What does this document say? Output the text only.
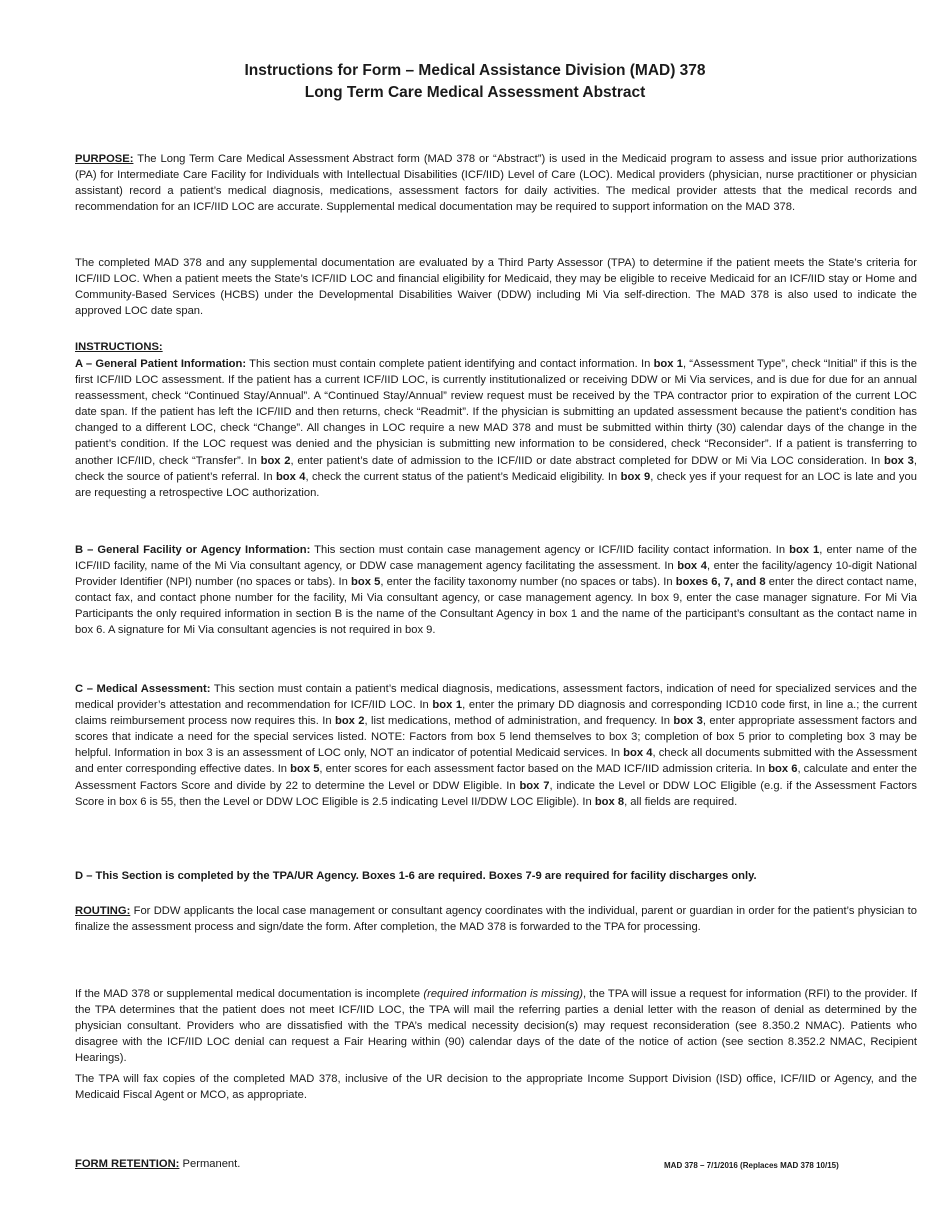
Instructions for Form – Medical Assistance Division (MAD) 378
Long Term Care Medical Assessment Abstract

PURPOSE: The Long Term Care Medical Assessment Abstract form (MAD 378 or “Abstract”) is used in the Medicaid program to assess and issue prior authorizations (PA) for Intermediate Care Facility for Individuals with Intellectual Disabilities (ICF/IID) Level of Care (LOC). Medical providers (physician, nurse practitioner or physician assistant) record a patient’s medical diagnosis, medications, assessment factors for daily activities. The medical provider attests that the medical records and recommendation for an ICF/IID LOC are accurate. Supplemental medical documentation may be required to support information on the MAD 378.

The completed MAD 378 and any supplemental documentation are evaluated by a Third Party Assessor (TPA) to determine if the patient meets the State’s criteria for ICF/IID LOC. When a patient meets the State’s ICF/IID LOC and financial eligibility for Medicaid, they may be eligible to receive Medicaid for an ICF/IID stay or Home and Community-Based Services (HCBS) under the Developmental Disabilities Waiver (DDW) including Mi Via self-direction. The MAD 378 is also used to indicate the approved LOC date span.

INSTRUCTIONS:

A – General Patient Information: This section must contain complete patient identifying and contact information. In box 1, “Assessment Type”, check “Initial” if this is the first ICF/IID LOC assessment. If the patient has a current ICF/IID LOC, is currently institutionalized or receiving DDW or Mi Via services, and is due for due for an annual reassessment, check “Continued Stay/Annual”. A “Continued Stay/Annual” review request must be received by the TPA contractor prior to expiration of the current LOC date span. If the patient has left the ICF/IID and then returns, check “Readmit”. If the physician is submitting an updated assessment because the patient’s condition has changed to a different LOC, check “Change”. All changes in LOC require a new MAD 378 and must be submitted within thirty (30) calendar days of the change in the patient’s condition. If the LOC request was denied and the physician is submitting new information to be considered, check “Reconsider”. If a patient is transferring to another ICF/IID, check “Transfer”. In box 2, enter patient’s date of admission to the ICF/IID or date abstract completed for DDW or Mi Via LOC consideration. In box 3, check the source of patient’s referral. In box 4, check the current status of the patient’s Medicaid eligibility. In box 9, check yes if your request for an LOC is late and you are requesting a retrospective LOC authorization.

B – General Facility or Agency Information: This section must contain case management agency or ICF/IID facility contact information. In box 1, enter name of the ICF/IID facility, name of the Mi Via consultant agency, or DDW case management agency facilitating the assessment. In box 4, enter the facility/agency 10-digit National Provider Identifier (NPI) number (no spaces or tabs). In box 5, enter the facility taxonomy number (no spaces or tabs). In boxes 6, 7, and 8 enter the direct contact name, contact fax, and contact phone number for the facility, Mi Via consultant agency, or case management agency. In box 9, enter the case manager signature. For Mi Via Participants the only required information in section B is the name of the Consultant Agency in box 1 and the name of the participant’s consultant as the contact name in box 6. A signature for Mi Via consultant agencies is not required in box 9.

C – Medical Assessment: This section must contain a patient’s medical diagnosis, medications, assessment factors, indication of need for specialized services and the medical provider’s attestation and recommendation for ICF/IID LOC. In box 1, enter the primary DD diagnosis and corresponding ICD10 code first, in line a.; the current claims reimbursement process now requires this. In box 2, list medications, method of administration, and frequency. In box 3, enter appropriate assessment factors and scores that indicate a need for the special services listed. NOTE: Factors from box 5 lend themselves to box 3; completion of box 5 prior to completing box 3 may be helpful. Information in box 3 is an assessment of LOC only, NOT an indicator of potential Medicaid services. In box 4, check all documents submitted with the Assessment and enter corresponding effective dates. In box 5, enter scores for each assessment factor based on the MAD ICF/IID admission criteria. In box 6, calculate and enter the Assessment Factors Score and divide by 22 to determine the Level or DDW Eligible. In box 7, indicate the Level or DDW LOC Eligible (e.g. if the Assessment Factors Score in box 6 is 55, then the Level or DDW LOC Eligible is 2.5 indicating Level II/DDW LOC Eligible). In box 8, all fields are required.

D – This Section is completed by the TPA/UR Agency. Boxes 1-6 are required. Boxes 7-9 are required for facility discharges only.

ROUTING: For DDW applicants the local case management or consultant agency coordinates with the individual, parent or guardian in order for the patient’s physician to finalize the assessment process and sign/date the form. After completion, the MAD 378 is forwarded to the TPA for processing.

If the MAD 378 or supplemental medical documentation is incomplete (required information is missing), the TPA will issue a request for information (RFI) to the provider. If the TPA determines that the patient does not meet ICF/IID LOC, the TPA will mail the referring parties a denial letter with the reason of denial as determined by the physician consultant. Providers who are dissatisfied with the TPA’s medical necessity decision(s) may request reconsideration (see 8.350.2 NMAC). Patients who disagree with the ICF/IID LOC denial can request a Fair Hearing within (90) calendar days of the date of the notice of action (see section 8.352.2 NMAC, Recipient Hearings).

The TPA will fax copies of the completed MAD 378, inclusive of the UR decision to the appropriate Income Support Division (ISD) office, ICF/IID or Agency, and the Medicaid Fiscal Agent or MCO, as appropriate.

FORM RETENTION: Permanent.	MAD 378 – 7/1/2016 (Replaces MAD 378 10/15)
